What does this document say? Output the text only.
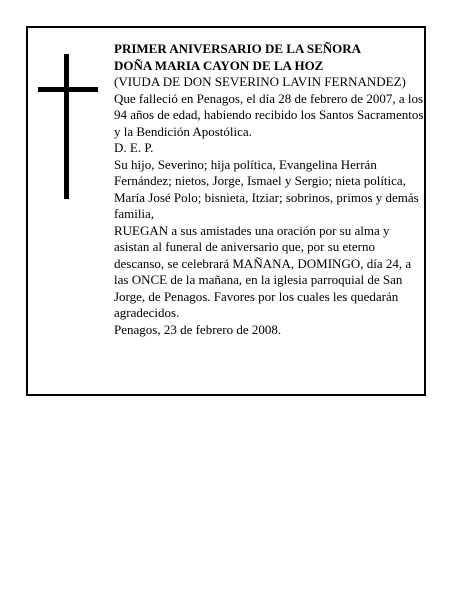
PRIMER ANIVERSARIO DE LA SEÑORA

DOÑA MARIA CAYON DE LA HOZ

(VIUDA DE DON SEVERINO LAVIN FERNANDEZ)

Que falleció en Penagos, el día 28 de febrero de 2007, a los 94 años de edad, habiendo recibido los Santos Sacramentos y la Bendición Apostólica.

D. E. P.

Su hijo, Severino; hija política, Evangelina Herrán Fernández; nietos, Jorge, Ismael y Sergio; nieta política, María José Polo; bisnieta, Itziar; sobrinos, primos y demás familia,

RUEGAN a sus amistades una oración por su alma y asistan al funeral de aniversario que, por su eterno descanso, se celebrará MAÑANA, DOMINGO, día 24, a las ONCE de la mañana, en la iglesia parroquial de San Jorge, de Penagos. Favores por los cuales les quedarán agradecidos.

Penagos, 23 de febrero de 2008.
